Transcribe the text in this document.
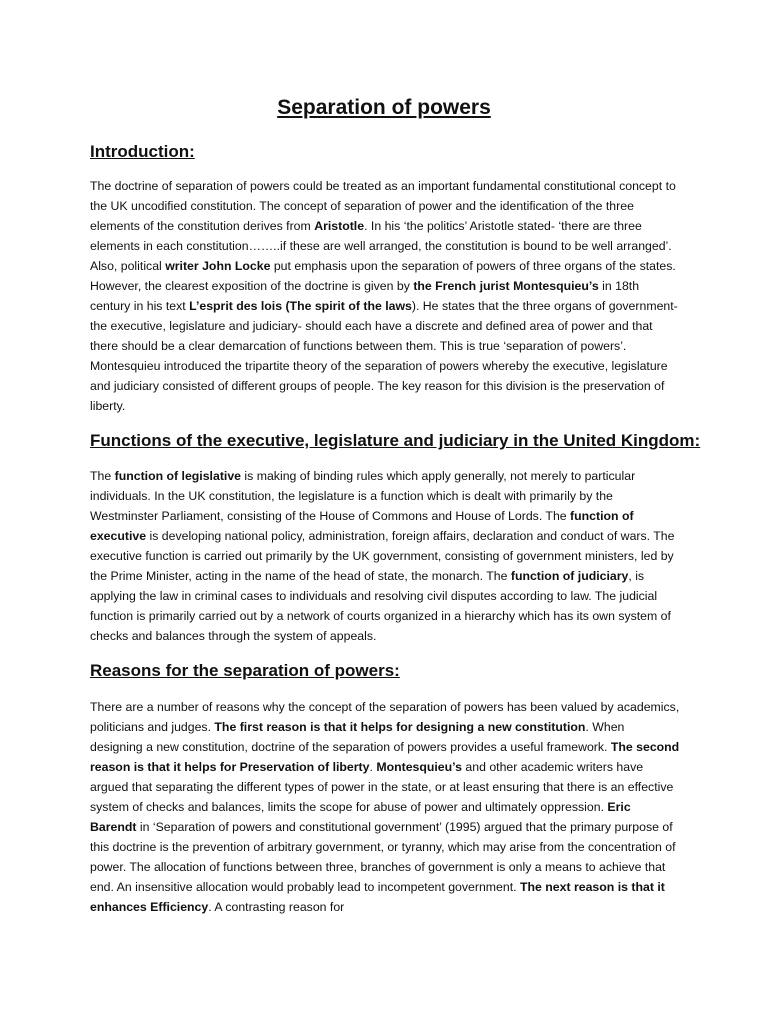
Separation of powers
Introduction:

The doctrine of separation of powers could be treated as an important fundamental constitutional concept to the UK uncodified constitution. The concept of separation of power and the identification of the three elements of the constitution derives from Aristotle. In his ‘the politics’ Aristotle stated- ‘there are three elements in each constitution……..if these are well arranged, the constitution is bound to be well arranged’. Also, political writer John Locke put emphasis upon the separation of powers of three organs of the states. However, the clearest exposition of the doctrine is given by the French jurist Montesquieu’s in 18th century in his text L’esprit des lois (The spirit of the laws). He states that the three organs of government- the executive, legislature and judiciary- should each have a discrete and defined area of power and that there should be a clear demarcation of functions between them. This is true ‘separation of powers’. Montesquieu introduced the tripartite theory of the separation of powers whereby the executive, legislature and judiciary consisted of different groups of people. The key reason for this division is the preservation of liberty.

Functions of the executive, legislature and judiciary in the United Kingdom:

The function of legislative is making of binding rules which apply generally, not merely to particular individuals. In the UK constitution, the legislature is a function which is dealt with primarily by the Westminster Parliament, consisting of the House of Commons and House of Lords. The function of executive is developing national policy, administration, foreign affairs, declaration and conduct of wars. The executive function is carried out primarily by the UK government, consisting of government ministers, led by the Prime Minister, acting in the name of the head of state, the monarch. The function of judiciary, is applying the law in criminal cases to individuals and resolving civil disputes according to law. The judicial function is primarily carried out by a network of courts organized in a hierarchy which has its own system of checks and balances through the system of appeals.

Reasons for the separation of powers:

There are a number of reasons why the concept of the separation of powers has been valued by academics, politicians and judges. The first reason is that it helps for designing a new constitution. When designing a new constitution, doctrine of the separation of powers provides a useful framework. The second reason is that it helps for Preservation of liberty. Montesquieu’s and other academic writers have argued that separating the different types of power in the state, or at least ensuring that there is an effective system of checks and balances, limits the scope for abuse of power and ultimately oppression. Eric Barendt in ‘Separation of powers and constitutional government’ (1995) argued that the primary purpose of this doctrine is the prevention of arbitrary government, or tyranny, which may arise from the concentration of power. The allocation of functions between three, branches of government is only a means to achieve that end. An insensitive allocation would probably lead to incompetent government. The next reason is that it enhances Efficiency. A contrasting reason for
